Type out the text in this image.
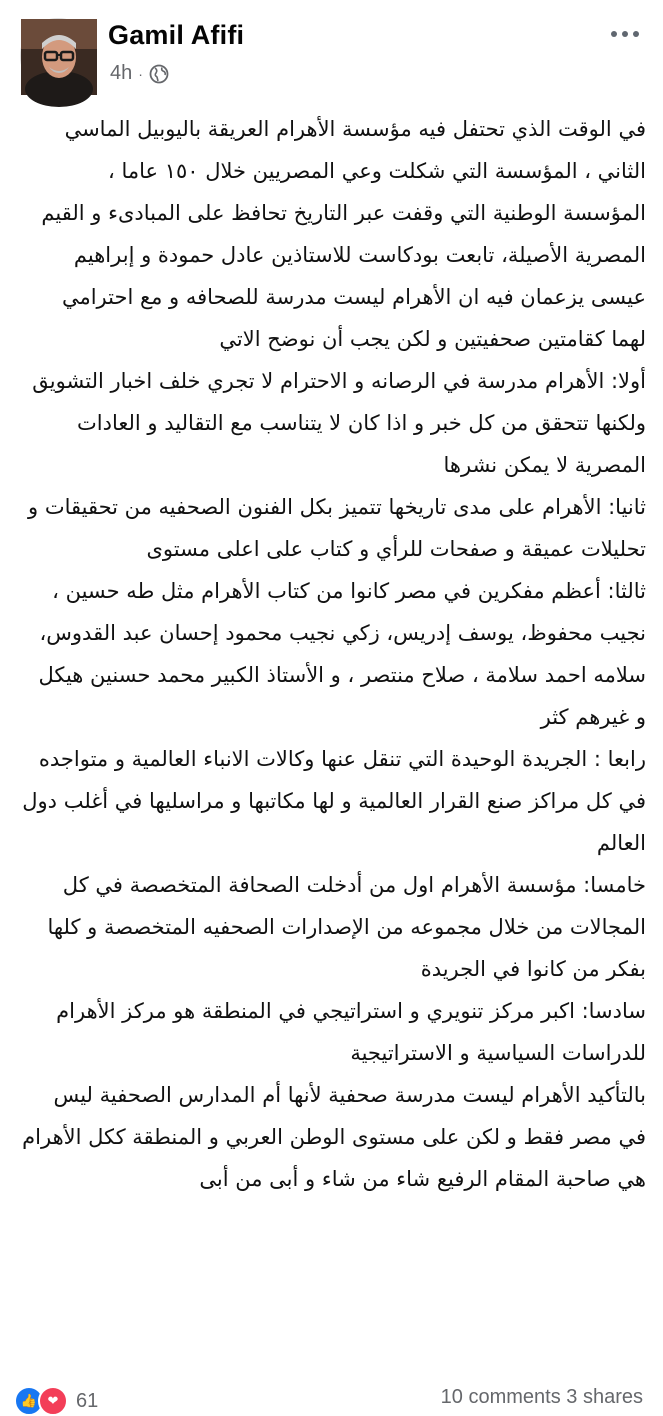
Gamil Afifi
4h ·

في الوقت الذي تحتفل فيه مؤسسة الأهرام العريقة باليوبيل الماسي الثاني ، المؤسسة التي شكلت وعي المصريين خلال ١٥٠ عاما ، المؤسسة الوطنية التي وقفت عبر التاريخ تحافظ على المبادىء و القيم المصرية الأصيلة، تابعت بودكاست للاستاذين عادل حمودة و إبراهيم عيسى يزعمان فيه ان الأهرام ليست مدرسة للصحافه و مع احترامي لهما كقامتين صحفيتين و لكن يجب أن نوضح الاتي

أولا: الأهرام مدرسة في الرصانه و الاحترام لا تجري خلف اخبار التشويق ولكنها تتحقق من كل خبر و اذا كان لا يتناسب مع التقاليد و العادات المصرية لا يمكن نشرها

ثانيا: الأهرام على مدى تاريخها تتميز بكل الفنون الصحفيه من تحقيقات و تحليلات عميقة و صفحات للرأي و كتاب على اعلى مستوى

ثالثا: أعظم مفكرين في مصر كانوا من كتاب الأهرام مثل طه حسين ، نجيب محفوظ، يوسف إدريس، زكي نجيب محمود إحسان عبد القدوس، سلامه احمد سلامة ، صلاح منتصر ، و الأستاذ الكبير محمد حسنين هيكل و غيرهم كثر

رابعا : الجريدة الوحيدة التي تنقل عنها وكالات الانباء العالمية و متواجده في كل مراكز صنع القرار العالمية و لها مكاتبها و مراسليها في أغلب دول العالم

خامسا: مؤسسة الأهرام اول من أدخلت الصحافة المتخصصة في كل المجالات من خلال مجموعه من الإصدارات الصحفيه المتخصصة و كلها بفكر من كانوا في الجريدة

سادسا: اكبر مركز تنويري و استراتيجي في المنطقة هو مركز الأهرام للدراسات السياسية و الاستراتيجية

بالتأكيد الأهرام ليست مدرسة صحفية لأنها أم المدارس الصحفية ليس في مصر فقط و لكن على مستوى الوطن العربي و المنطقة ككل الأهرام هي صاحبة المقام الرفيع شاء من شاء و أبى من أبى

👍 ❤ 61	10 comments 3 shares
